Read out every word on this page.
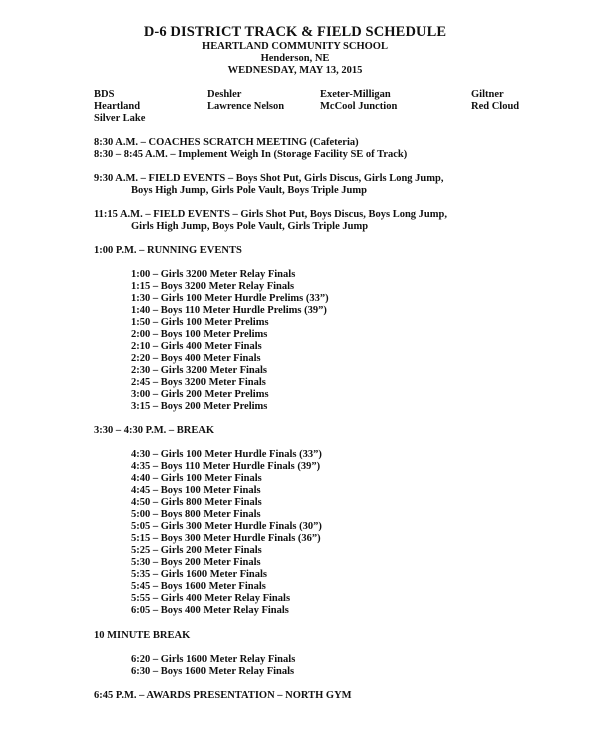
D-6 DISTRICT TRACK & FIELD SCHEDULE
HEARTLAND COMMUNITY SCHOOL
Henderson, NE
WEDNESDAY, MAY 13, 2015
BDS	Deshler	Exeter-Milligan	Giltner
Heartland	Lawrence Nelson	McCool Junction	Red Cloud
Silver Lake

8:30 A.M. – COACHES SCRATCH MEETING (Cafeteria)

8:30 – 8:45 A.M. – Implement Weigh In (Storage Facility SE of Track)

9:30 A.M. – FIELD EVENTS – Boys Shot Put, Girls Discus, Girls Long Jump,

Boys High Jump, Girls Pole Vault, Boys Triple Jump

11:15 A.M. – FIELD EVENTS – Girls Shot Put, Boys Discus, Boys Long Jump,

Girls High Jump, Boys Pole Vault, Girls Triple Jump

1:00 P.M. – RUNNING EVENTS

1:00 – Girls 3200 Meter Relay Finals

1:15 – Boys 3200 Meter Relay Finals

1:30 – Girls 100 Meter Hurdle Prelims (33”)

1:40 – Boys 110 Meter Hurdle Prelims (39”)

1:50 – Girls 100 Meter Prelims

2:00 – Boys 100 Meter Prelims

2:10 – Girls 400 Meter Finals

2:20 – Boys 400 Meter Finals

2:30 – Girls 3200 Meter Finals

2:45 – Boys 3200 Meter Finals

3:00 – Girls 200 Meter Prelims

3:15 – Boys 200 Meter Prelims

3:30 – 4:30 P.M. – BREAK

4:30 – Girls 100 Meter Hurdle Finals (33”)

4:35 – Boys 110 Meter Hurdle Finals (39”)

4:40 – Girls 100 Meter Finals

4:45 – Boys 100 Meter Finals

4:50 – Girls 800 Meter Finals

5:00 – Boys 800 Meter Finals

5:05 – Girls 300 Meter Hurdle Finals (30”)

5:15 – Boys 300 Meter Hurdle Finals (36”)

5:25 – Girls 200 Meter Finals

5:30 – Boys 200 Meter Finals

5:35 – Girls 1600 Meter Finals

5:45 – Boys 1600 Meter Finals

5:55 – Girls 400 Meter Relay Finals

6:05 – Boys 400 Meter Relay Finals

10 MINUTE BREAK

6:20 – Girls 1600 Meter Relay Finals

6:30 – Boys 1600 Meter Relay Finals

6:45 P.M. – AWARDS PRESENTATION – NORTH GYM
